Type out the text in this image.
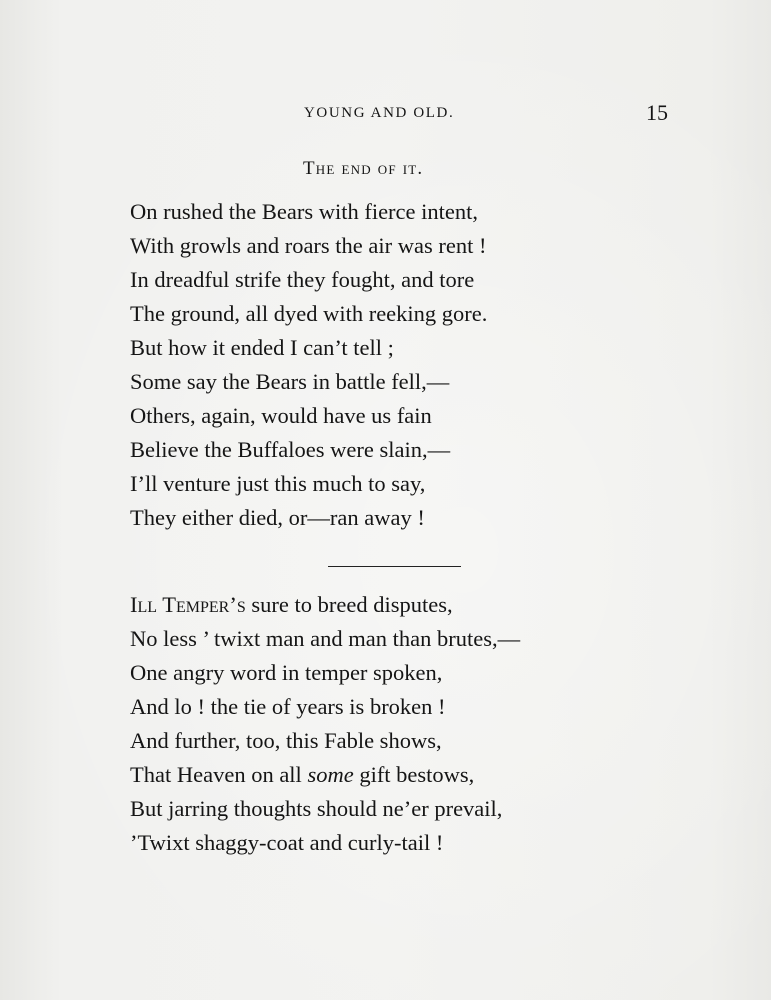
YOUNG AND OLD.	15
The end of it.
On rushed the Bears with fierce intent,
With growls and roars the air was rent !
In dreadful strife they fought, and tore
The ground, all dyed with reeking gore.
But how it ended I can’t tell ;
Some say the Bears in battle fell,—
Others, again, would have us fain
Believe the Buffaloes were slain,—
I’ll venture just this much to say,
They either died, or—ran away !
Ill Temper’s sure to breed disputes,
No less ’ twixt man and man than brutes,—
One angry word in temper spoken,
And lo ! the tie of years is broken !
And further, too, this Fable shows,
That Heaven on all some gift bestows,
But jarring thoughts should ne’er prevail,
’Twixt shaggy-coat and curly-tail !
